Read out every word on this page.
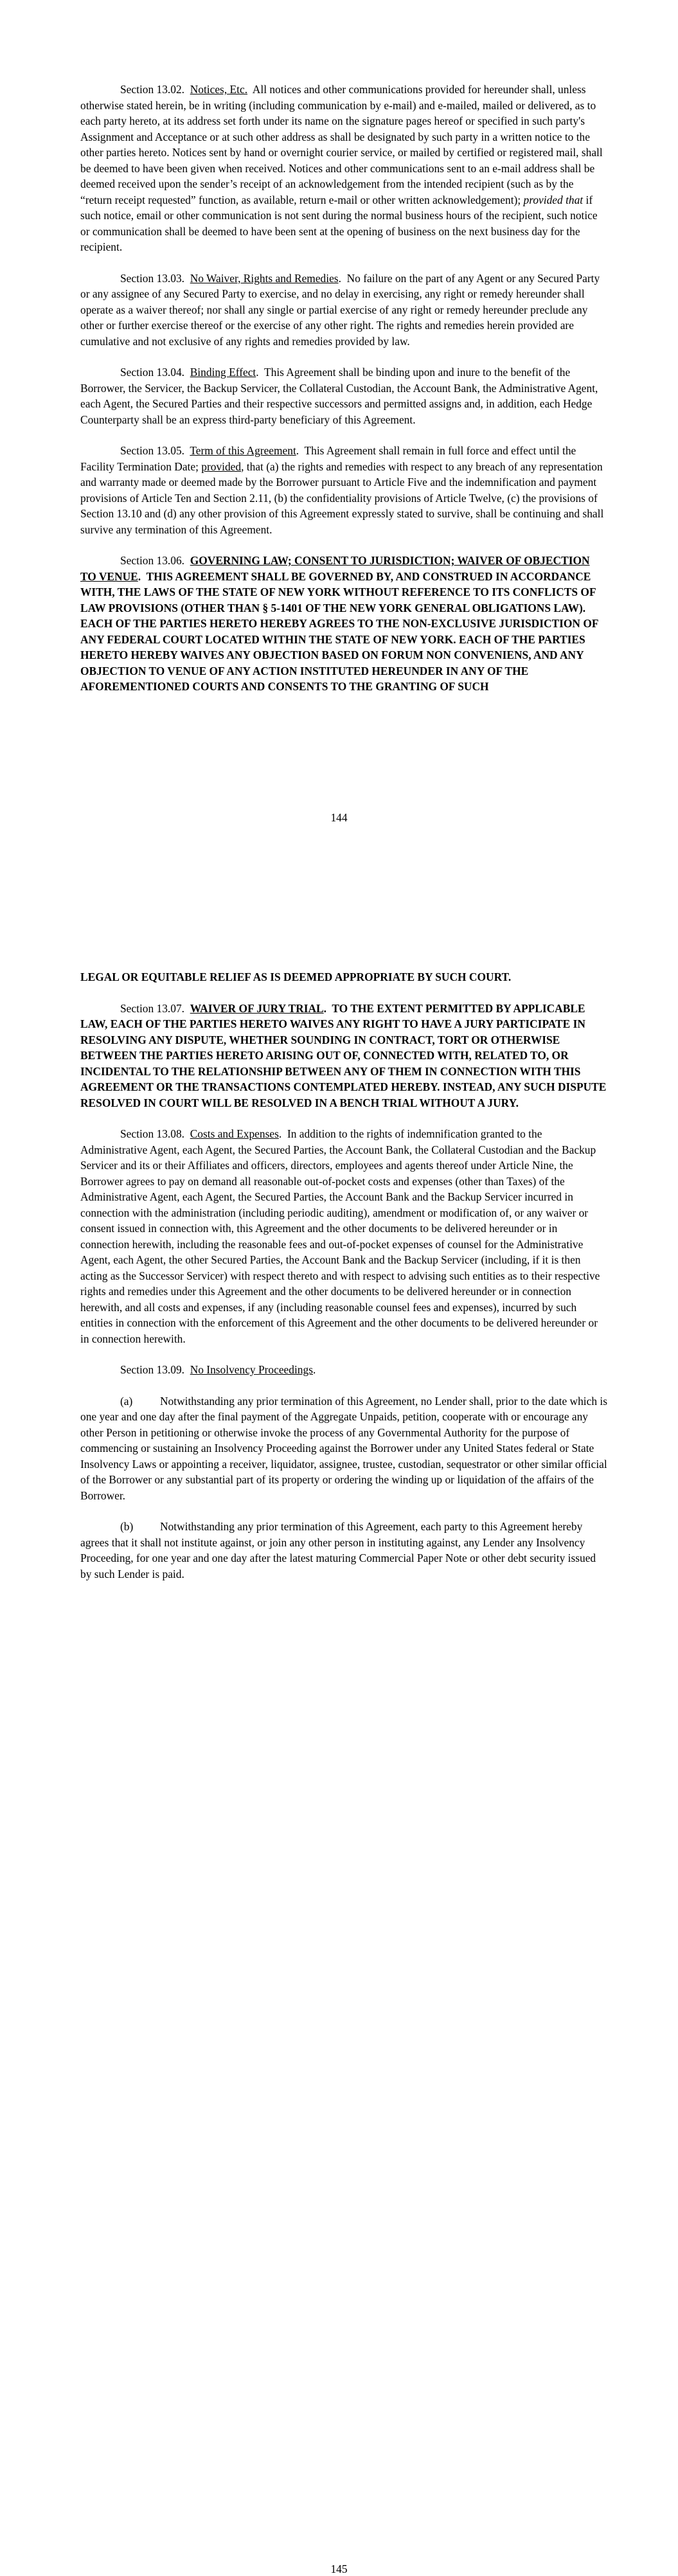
Section 13.02. Notices, Etc. All notices and other communications provided for hereunder shall, unless otherwise stated herein, be in writing (including communication by e-mail) and e-mailed, mailed or delivered, as to each party hereto, at its address set forth under its name on the signature pages hereof or specified in such party's Assignment and Acceptance or at such other address as shall be designated by such party in a written notice to the other parties hereto. Notices sent by hand or overnight courier service, or mailed by certified or registered mail, shall be deemed to have been given when received. Notices and other communications sent to an e-mail address shall be deemed received upon the sender’s receipt of an acknowledgement from the intended recipient (such as by the “return receipt requested” function, as available, return e-mail or other written acknowledgement); provided that if such notice, email or other communication is not sent during the normal business hours of the recipient, such notice or communication shall be deemed to have been sent at the opening of business on the next business day for the recipient.

Section 13.03. No Waiver, Rights and Remedies.  No failure on the part of any Agent or any Secured Party or any assignee of any Secured Party to exercise, and no delay in exercising, any right or remedy hereunder shall operate as a waiver thereof; nor shall any single or partial exercise of any right or remedy hereunder preclude any other or further exercise thereof or the exercise of any other right. The rights and remedies herein provided are cumulative and not exclusive of any rights and remedies provided by law.

Section 13.04. Binding Effect.  This Agreement shall be binding upon and inure to the benefit of the Borrower, the Servicer, the Backup Servicer, the Collateral Custodian, the Account Bank, the Administrative Agent, each Agent, the Secured Parties and their respective successors and permitted assigns and, in addition, each Hedge Counterparty shall be an express third-party beneficiary of this Agreement.

Section 13.05. Term of this Agreement.  This Agreement shall remain in full force and effect until the Facility Termination Date; provided, that (a) the rights and remedies with respect to any breach of any representation and warranty made or deemed made by the Borrower pursuant to Article Five and the indemnification and payment provisions of Article Ten and Section 2.11, (b) the confidentiality provisions of Article Twelve, (c) the provisions of Section 13.10 and (d) any other provision of this Agreement expressly stated to survive, shall be continuing and shall survive any termination of this Agreement.

Section 13.06. GOVERNING LAW; CONSENT TO JURISDICTION; WAIVER OF OBJECTION TO VENUE.  THIS AGREEMENT SHALL BE GOVERNED BY, AND CONSTRUED IN ACCORDANCE WITH, THE LAWS OF THE STATE OF NEW YORK WITHOUT REFERENCE TO ITS CONFLICTS OF LAW PROVISIONS (OTHER THAN § 5-1401 OF THE NEW YORK GENERAL OBLIGATIONS LAW). EACH OF THE PARTIES HERETO HEREBY AGREES TO THE NON-EXCLUSIVE JURISDICTION OF ANY FEDERAL COURT LOCATED WITHIN THE STATE OF NEW YORK. EACH OF THE PARTIES HERETO HEREBY WAIVES ANY OBJECTION BASED ON FORUM NON CONVENIENS, AND ANY OBJECTION TO VENUE OF ANY ACTION INSTITUTED HEREUNDER IN ANY OF THE AFOREMENTIONED COURTS AND CONSENTS TO THE GRANTING OF SUCH

144

LEGAL OR EQUITABLE RELIEF AS IS DEEMED APPROPRIATE BY SUCH COURT.

Section 13.07. WAIVER OF JURY TRIAL.  TO THE EXTENT PERMITTED BY APPLICABLE LAW, EACH OF THE PARTIES HERETO WAIVES ANY RIGHT TO HAVE A JURY PARTICIPATE IN RESOLVING ANY DISPUTE, WHETHER SOUNDING IN CONTRACT, TORT OR OTHERWISE BETWEEN THE PARTIES HERETO ARISING OUT OF, CONNECTED WITH, RELATED TO, OR INCIDENTAL TO THE RELATIONSHIP BETWEEN ANY OF THEM IN CONNECTION WITH THIS AGREEMENT OR THE TRANSACTIONS CONTEMPLATED HEREBY. INSTEAD, ANY SUCH DISPUTE RESOLVED IN COURT WILL BE RESOLVED IN A BENCH TRIAL WITHOUT A JURY.

Section 13.08. Costs and Expenses.  In addition to the rights of indemnification granted to the Administrative Agent, each Agent, the Secured Parties, the Account Bank, the Collateral Custodian and the Backup Servicer and its or their Affiliates and officers, directors, employees and agents thereof under Article Nine, the Borrower agrees to pay on demand all reasonable out-of-pocket costs and expenses (other than Taxes) of the Administrative Agent, each Agent, the Secured Parties, the Account Bank and the Backup Servicer incurred in connection with the administration (including periodic auditing), amendment or modification of, or any waiver or consent issued in connection with, this Agreement and the other documents to be delivered hereunder or in connection herewith, including the reasonable fees and out-of-pocket expenses of counsel for the Administrative Agent, each Agent, the other Secured Parties, the Account Bank and the Backup Servicer (including, if it is then acting as the Successor Servicer) with respect thereto and with respect to advising such entities as to their respective rights and remedies under this Agreement and the other documents to be delivered hereunder or in connection herewith, and all costs and expenses, if any (including reasonable counsel fees and expenses), incurred by such entities in connection with the enforcement of this Agreement and the other documents to be delivered hereunder or in connection herewith.

Section 13.09. No Insolvency Proceedings.

(a) Notwithstanding any prior termination of this Agreement, no Lender shall, prior to the date which is one year and one day after the final payment of the Aggregate Unpaids, petition, cooperate with or encourage any other Person in petitioning or otherwise invoke the process of any Governmental Authority for the purpose of commencing or sustaining an Insolvency Proceeding against the Borrower under any United States federal or State Insolvency Laws or appointing a receiver, liquidator, assignee, trustee, custodian, sequestrator or other similar official of the Borrower or any substantial part of its property or ordering the winding up or liquidation of the affairs of the Borrower.

(b) Notwithstanding any prior termination of this Agreement, each party to this Agreement hereby agrees that it shall not institute against, or join any other person in instituting against, any Lender any Insolvency Proceeding, for one year and one day after the latest maturing Commercial Paper Note or other debt security issued by such Lender is paid.

145
